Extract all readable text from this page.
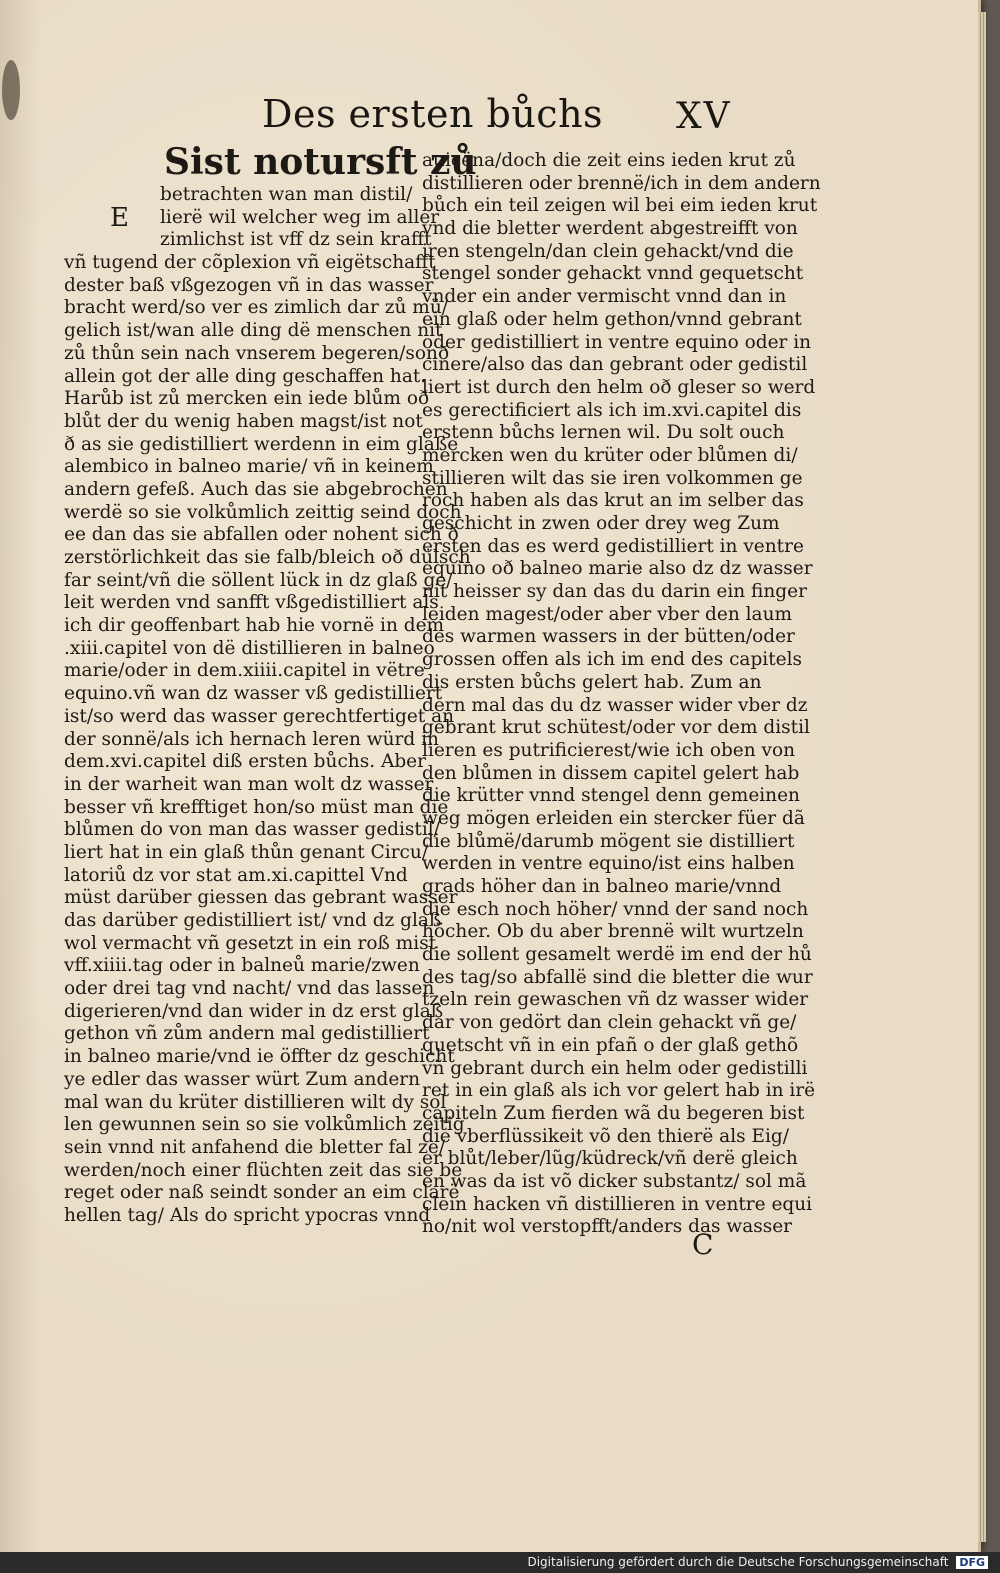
Des ersten bůchs XV
E
Sist notursft zů
betrachten wan man distil/
lierë wil welcher weg im aller
zimlichst ist vff dz sein krafft
vñ tugend der cõplexion vñ eigëtschafft
dester baß vßgezogen vñ in das wasser
bracht werd/so ver es zimlich dar zů mü/
gelich ist/wan alle ding dë menschen nit
zů thůn sein nach vnserem begeren/sonð
allein got der alle ding geschaffen hat.
Harůb ist zů mercken ein iede blům oð
blůt der du wenig haben magst/ist not
ð as sie gedistilliert werdenn in eim glaße
alembico in balneo marie/ vñ in keinem
andern gefeß. Auch das sie abgebrochen
werdë so sie volkůmlich zeittig seind doch
ee dan das sie abfallen oder nohent sich ð
zerstörlichkeit das sie falb/bleich oð dülsch
far seint/vñ die söllent lück in dz glaß ge/
leit werden vnd sanfft vßgedistilliert als
ich dir geoffenbart hab hie vornë in dem
.xiii.capitel von dë distillieren in balneo
marie/oder in dem.xiiii.capitel in vëtre
equino.vñ wan dz wasser vß gedistilliert
ist/so werd das wasser gerechtfertiget an
der sonnë/als ich hernach leren würd in
dem.xvi.capitel diß ersten bůchs. Aber
in der warheit wan man wolt dz wasser
besser vñ krefftiget hon/so müst man die
blůmen do von man das wasser gedistil/
liert hat in ein glaß thůn genant Circu/
latoriů dz vor stat am.xi.capittel Vnd
müst darüber giessen das gebrant wasser
das darüber gedistilliert ist/ vnd dz glaß
wol vermacht vñ gesetzt in ein roß mist
vff.xiiii.tag oder in balneů marie/zwen
oder drei tag vnd nacht/ vnd das lassen
digerieren/vnd dan wider in dz erst glaß
gethon vñ zům andern mal gedistilliert
in balneo marie/vnd ie öffter dz geschicht
ye edler das wasser würt Zum andern
mal wan du krüter distillieren wilt dy sol
len gewunnen sein so sie volkůmlich zeitig
sein vnnd nit anfahend die bletter fal ze/
werden/noch einer flüchten zeit das sie be
reget oder naß seindt sonder an eim clarë
hellen tag/ Als do spricht ypocras vnnd
auicëna/doch die zeit eins ieden krut zů
distillieren oder brennë/ich in dem andern
bůch ein teil zeigen wil bei eim ieden krut
vnd die bletter werdent abgestreifft von
iren stengeln/dan clein gehackt/vnd die
stengel sonder gehackt vnnd gequetscht
vnder ein ander vermischt vnnd dan in
ein glaß oder helm gethon/vnnd gebrant
oder gedistilliert in ventre equino oder in
cinere/also das dan gebrant oder gedistil
liert ist durch den helm oð gleser so werd
es gerectificiert als ich im.xvi.capitel dis
erstenn bůchs lernen wil. Du solt ouch
mercken wen du krüter oder blůmen di/
stillieren wilt das sie iren volkommen ge
roch haben als das krut an im selber das
geschicht in zwen oder drey weg Zum
ersten das es werd gedistilliert in ventre
equino oð balneo marie also dz dz wasser
nit heisser sy dan das du darin ein finger
leiden magest/oder aber vber den laum
des warmen wassers in der bütten/oder
grossen offen als ich im end des capitels
dis ersten bůchs gelert hab. Zum an
dern mal das du dz wasser wider vber dz
gebrant krut schütest/oder vor dem distil
lieren es putrificierest/wie ich oben von
den blůmen in dissem capitel gelert hab
die krütter vnnd stengel denn gemeinen
weg mögen erleiden ein stercker füer dã
die blůmë/darumb mögent sie distilliert
werden in ventre equino/ist eins halben
grads höher dan in balneo marie/vnnd
die esch noch höher/ vnnd der sand noch
höcher. Ob du aber brennë wilt wurtzeln
die sollent gesamelt werdë im end der hů
des tag/so abfallë sind die bletter die wur
tzeln rein gewaschen vñ dz wasser wider
dar von gedört dan clein gehackt vñ ge/
quetscht vñ in ein pfañ o der glaß gethõ
vñ gebrant durch ein helm oder gedistilli
ret in ein glaß als ich vor gelert hab in irë
capiteln Zum fierden wã du begeren bist
die vberflüssikeit võ den thierë als Eig/
er blůt/leber/lũg/küdreck/vñ derë gleich
en was da ist võ dicker substantz/ sol mã
clein hacken vñ distillieren in ventre equi
no/nit wol verstopfft/anders das wasser
C
Digitalisierung gefördert durch die Deutsche Forschungsgemeinschaft DFG
